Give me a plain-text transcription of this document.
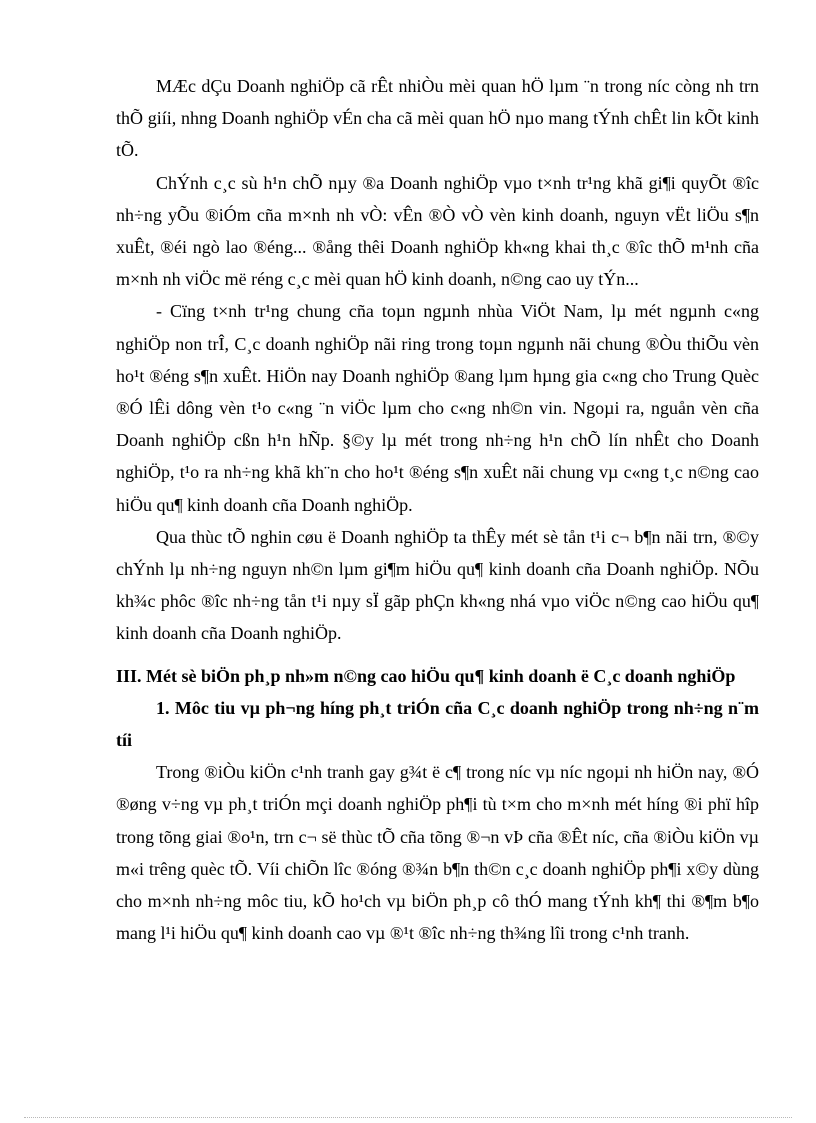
MÆc dÇu Doanh nghiÖp cã rÊt nhiÒu mèi quan hÖ lµm ¨n trong níc còng nh trn thÕ giíi, nhng Doanh nghiÖp vÉn cha cã mèi quan hÖ nµo mang tÝnh chÊt lin kÕt kinh tÕ.

ChÝnh c¸c sù h¹n chÕ nµy ®a Doanh nghiÖp vµo t×nh tr¹ng khã gi¶i quyÕt ®îc nh÷ng yÕu ®iÓm cña m×nh nh vÒ: vÊn ®Ò vÒ vèn kinh doanh, nguyn vËt liÖu s¶n xuÊt, ®éi ngò lao ®éng... ®ång thêi Doanh nghiÖp kh«ng khai th¸c ®îc thÕ m¹nh cña m×nh nh viÖc më réng c¸c mèi quan hÖ kinh doanh, n©ng cao uy tÝn...

- Cïng t×nh tr¹ng chung cña toµn ngµnh nhùa ViÖt Nam, lµ mét ngµnh c«ng nghiÖp non trÎ, C¸c doanh nghiÖp nãi ring trong toµn ngµnh nãi chung ®Òu thiÕu vèn ho¹t ®éng s¶n xuÊt. HiÖn nay Doanh nghiÖp ®ang lµm hµng gia c«ng cho Trung Quèc ®Ó lÊi dông vèn t¹o c«ng ¨n viÖc lµm cho c«ng nh©n vin. Ngoµi ra, nguån vèn cña Doanh nghiÖp cßn h¹n hÑp. §©y lµ mét trong nh÷ng h¹n chÕ lín nhÊt cho Doanh nghiÖp, t¹o ra nh÷ng khã kh¨n cho ho¹t ®éng s¶n xuÊt nãi chung vµ c«ng t¸c n©ng cao hiÖu qu¶ kinh doanh cña Doanh nghiÖp.

Qua thùc tÕ nghin cøu ë Doanh nghiÖp ta thÊy mét sè tån t¹i c¬ b¶n nãi trn, ®©y chÝnh lµ nh÷ng nguyn nh©n lµm gi¶m hiÖu qu¶ kinh doanh cña Doanh nghiÖp. NÕu kh¾c phôc ®îc nh÷ng tån t¹i nµy sÏ gãp phÇn kh«ng nhá vµo viÖc n©ng cao hiÖu qu¶ kinh doanh cña Doanh nghiÖp.

III. Mét sè biÖn ph¸p nh»m n©ng cao hiÖu qu¶ kinh doanh ë C¸c doanh nghiÖp

1. Môc tiu vµ ph¬ng híng ph¸t triÓn cña C¸c doanh nghiÖp trong nh÷ng n¨m tíi

Trong ®iÒu kiÖn c¹nh tranh gay g¾t ë c¶ trong níc vµ níc ngoµi nh hiÖn nay, ®Ó ®øng v÷ng vµ ph¸t triÓn mçi doanh nghiÖp ph¶i tù t×m cho m×nh mét híng ®i phï hîp trong tõng giai ®o¹n, trn c¬ së thùc tÕ cña tõng ®¬n vÞ cña ®Êt níc, cña ®iÒu kiÖn vµ m«i trêng quèc tÕ. Víi chiÕn lîc ®óng ®¾n b¶n th©n c¸c doanh nghiÖp ph¶i x©y dùng cho m×nh nh÷ng môc tiu, kÕ ho¹ch vµ biÖn ph¸p cô thÓ mang tÝnh kh¶ thi ®¶m b¶o mang l¹i hiÖu qu¶ kinh doanh cao vµ ®¹t ®îc nh÷ng th¾ng lîi trong c¹nh tranh.
